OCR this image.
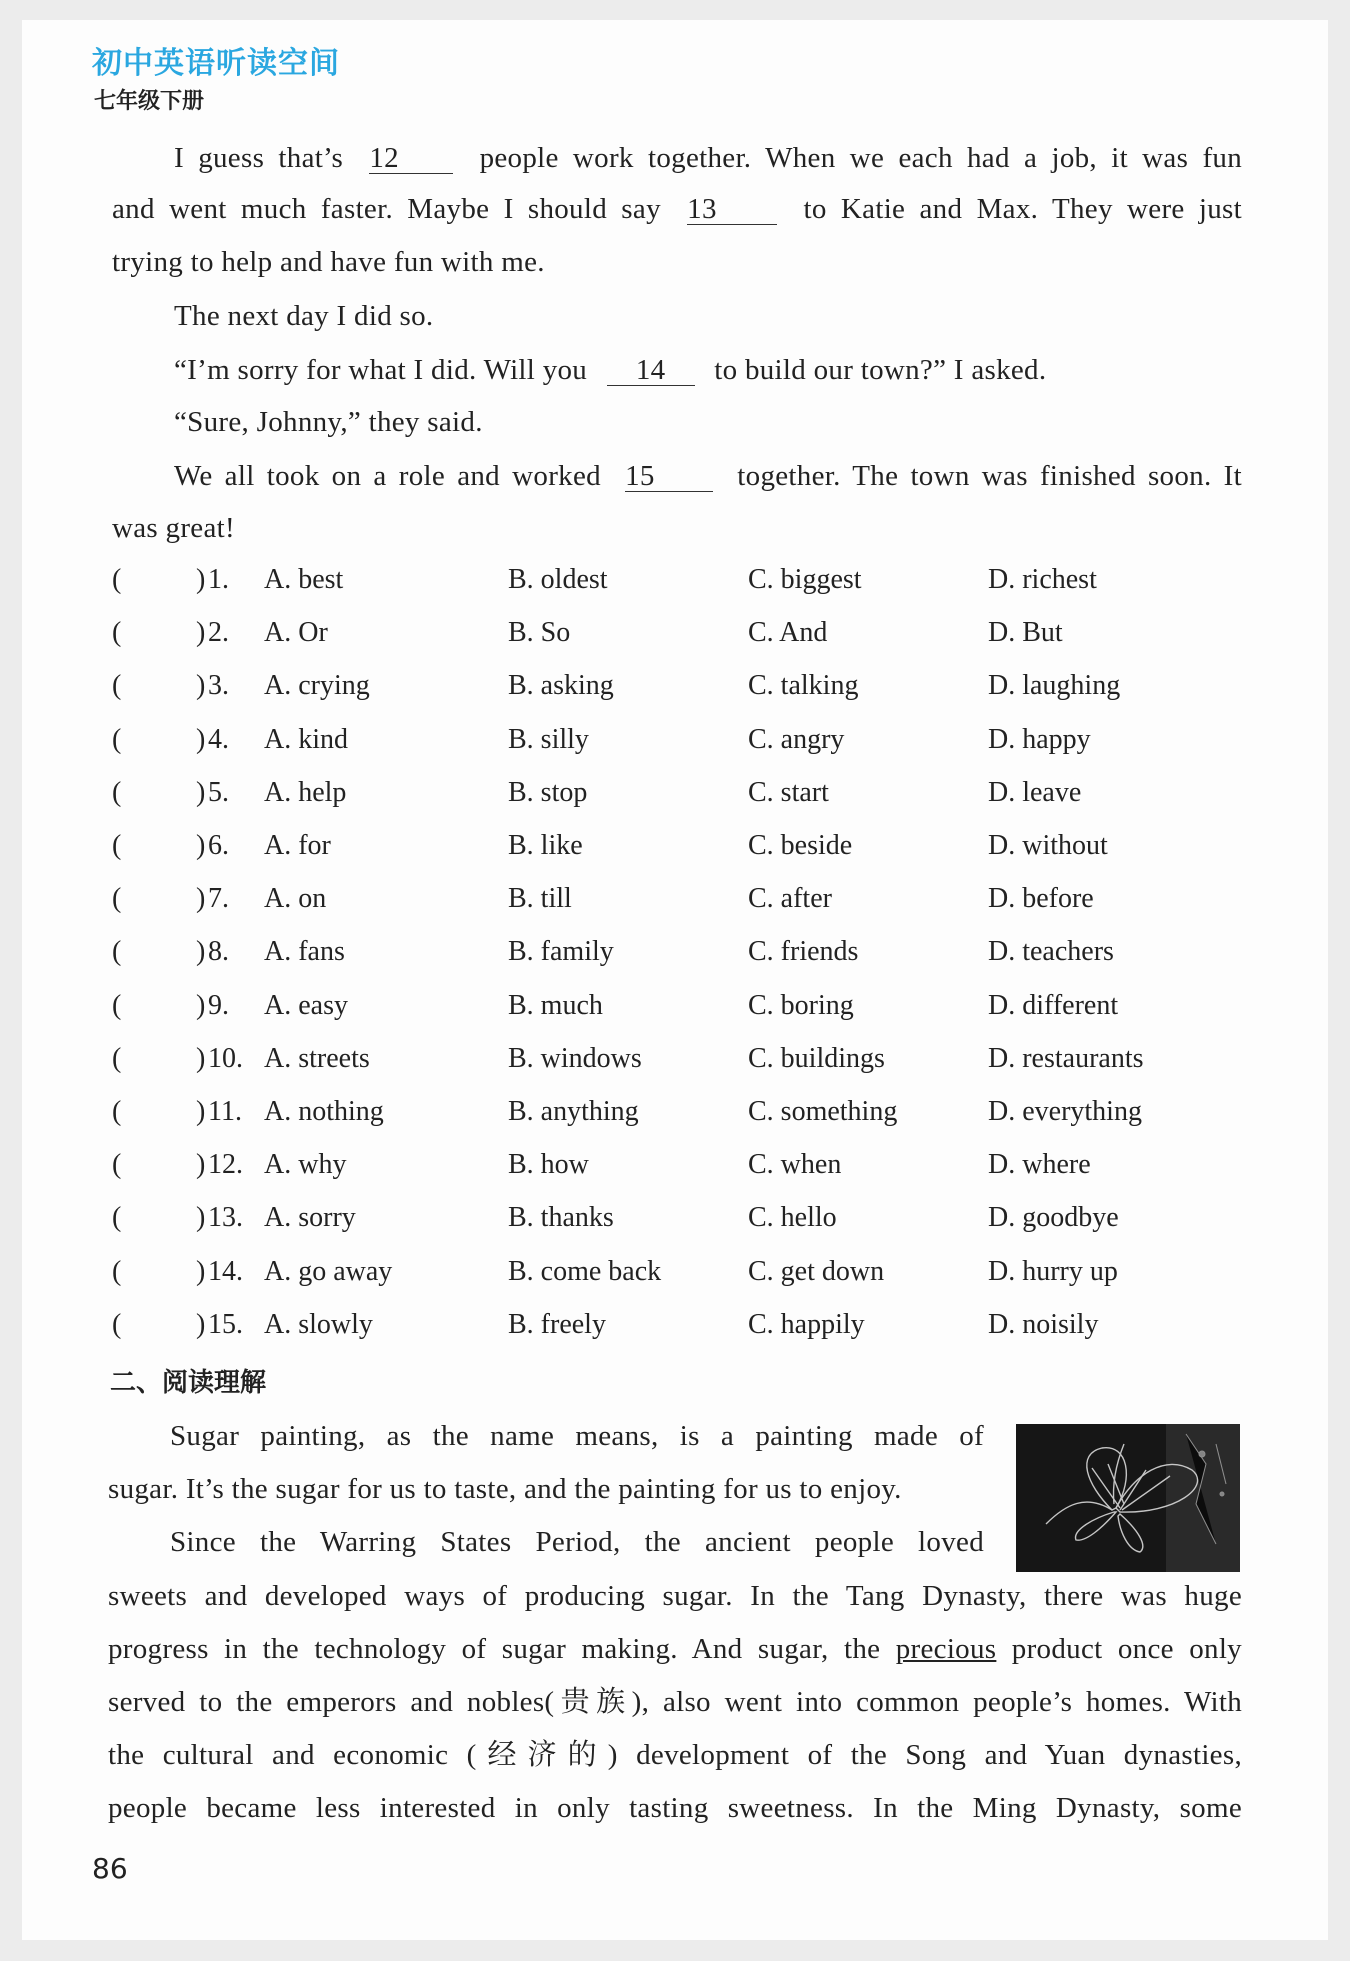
初中英语听读空间
七年级下册
I guess that’s 12	people work together. When we each had a job, it was fun
and went much faster. Maybe I should say 13	to Katie and Max. They were just
trying to help and have fun with me.
The next day I did so.
“I’m sorry for what I did. Will you 14 to build our town?” I asked.
“Sure, Johnny,” they said.
We all took on a role and worked 15	together. The town was finished soon. It
was great!
(	) 1. A. best	B. oldest	C. biggest	D. richest
(	) 2. A. Or	B. So	C. And	D. But
(	) 3. A. crying	B. asking	C. talking	D. laughing
(	) 4. A. kind	B. silly	C. angry	D. happy
(	) 5. A. help	B. stop	C. start	D. leave
(	) 6. A. for	B. like	C. beside	D. without
(	) 7. A. on	B. till	C. after	D. before
(	) 8. A. fans	B. family	C. friends	D. teachers
(	) 9. A. easy	B. much	C. boring	D. different
(	) 10. A. streets	B. windows	C. buildings	D. restaurants
(	) 11. A. nothing	B. anything	C. something	D. everything
(	) 12. A. why	B. how	C. when	D. where
(	) 13. A. sorry	B. thanks	C. hello	D. goodbye
(	) 14. A. go away	B. come back	C. get down	D. hurry up
(	) 15. A. slowly	B. freely	C. happily	D. noisily
二、阅读理解
Sugar painting, as the name means, is a painting made of
sugar. It’s the sugar for us to taste, and the painting for us to enjoy.
Since the Warring States Period, the ancient people loved
sweets and developed ways of producing sugar. In the Tang Dynasty, there was huge
progress in the technology of sugar making. And sugar, the precious product once only
served to the emperors and nobles(贵族), also went into common people’s homes. With
the cultural and economic (经济的) development of the Song and Yuan dynasties,
people became less interested in only tasting sweetness. In the Ming Dynasty, some
86
